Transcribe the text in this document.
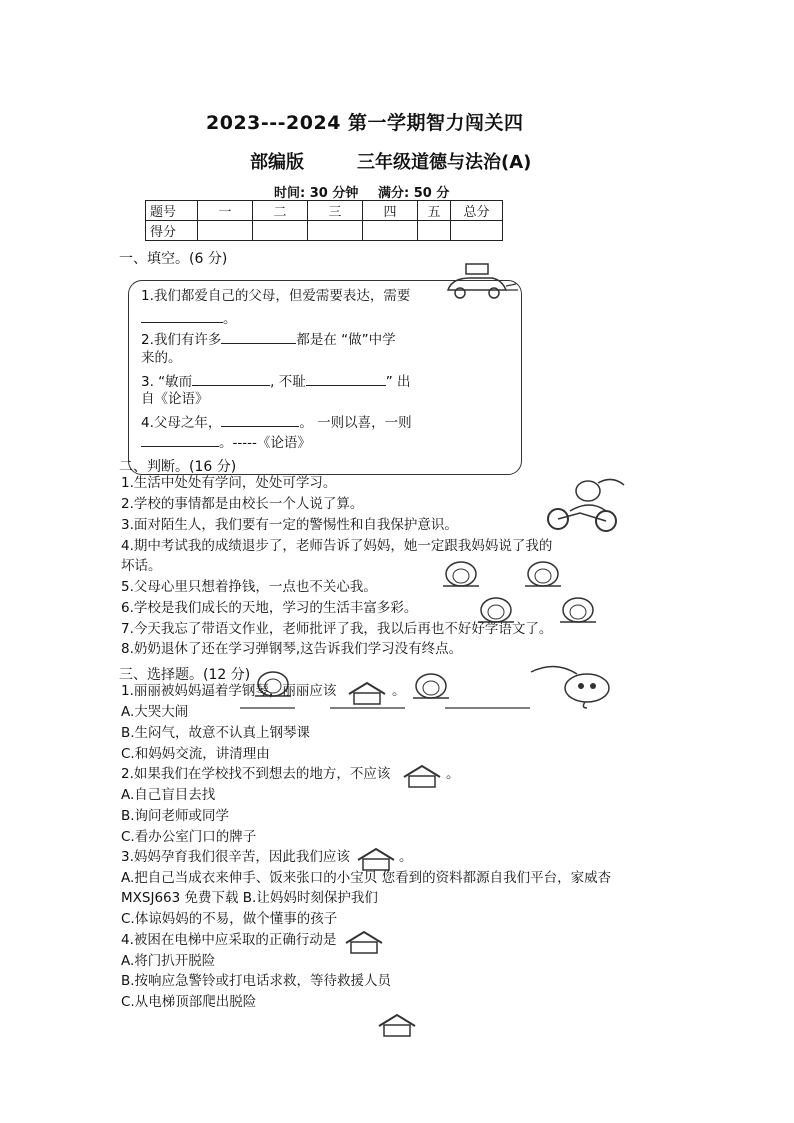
2023---2024 第一学期智力闯关四
部编版	三年级道德与法治(A)
时间: 30 分钟 满分: 50 分
题号	一	二	三	四	五	总分
得分						
一、填空。(6 分)
1.我们都爱自己的父母，但爱需要表达，需要
。
2.我们有许多	都是在 “做”中学
来的。
3. “敏而	, 不耻	” 出
自《论语》
4.父母之年，	。 一则以喜，一则
。-----《论语》
二、判断。(16 分)
1.生活中处处有学问，处处可学习。
2.学校的事情都是由校长一个人说了算。
3.面对陌生人，我们要有一定的警惕性和自我保护意识。
4.期中考试我的成绩退步了，老师告诉了妈妈，她一定跟我妈妈说了我的
坏话。
5.父母心里只想着挣钱，一点也不关心我。
6.学校是我们成长的天地，学习的生活丰富多彩。
7.今天我忘了带语文作业，老师批评了我，我以后再也不好好学语文了。
8.奶奶退休了还在学习弹钢琴,这告诉我们学习没有终点。
三、选择题。(12 分)
1.丽丽被妈妈逼着学钢琴，丽丽应该	。
A.大哭大闹
B.生闷气，故意不认真上钢琴课
C.和妈妈交流，讲清理由
2.如果我们在学校找不到想去的地方，不应该	。
A.自己盲目去找
B.询问老师或同学
C.看办公室门口的牌子
3.妈妈孕育我们很辛苦，因此我们应该	。
A.把自己当成衣来伸手、饭来张口的小宝贝 您看到的资料都源自我们平台，家威杏
MXSJ663 免费下载 B.让妈妈时刻保护我们
C.体谅妈妈的不易，做个懂事的孩子
4.被困在电梯中应采取的正确行动是
A.将门扒开脱险
B.按响应急警铃或打电话求救，等待救援人员
C.从电梯顶部爬出脱险
